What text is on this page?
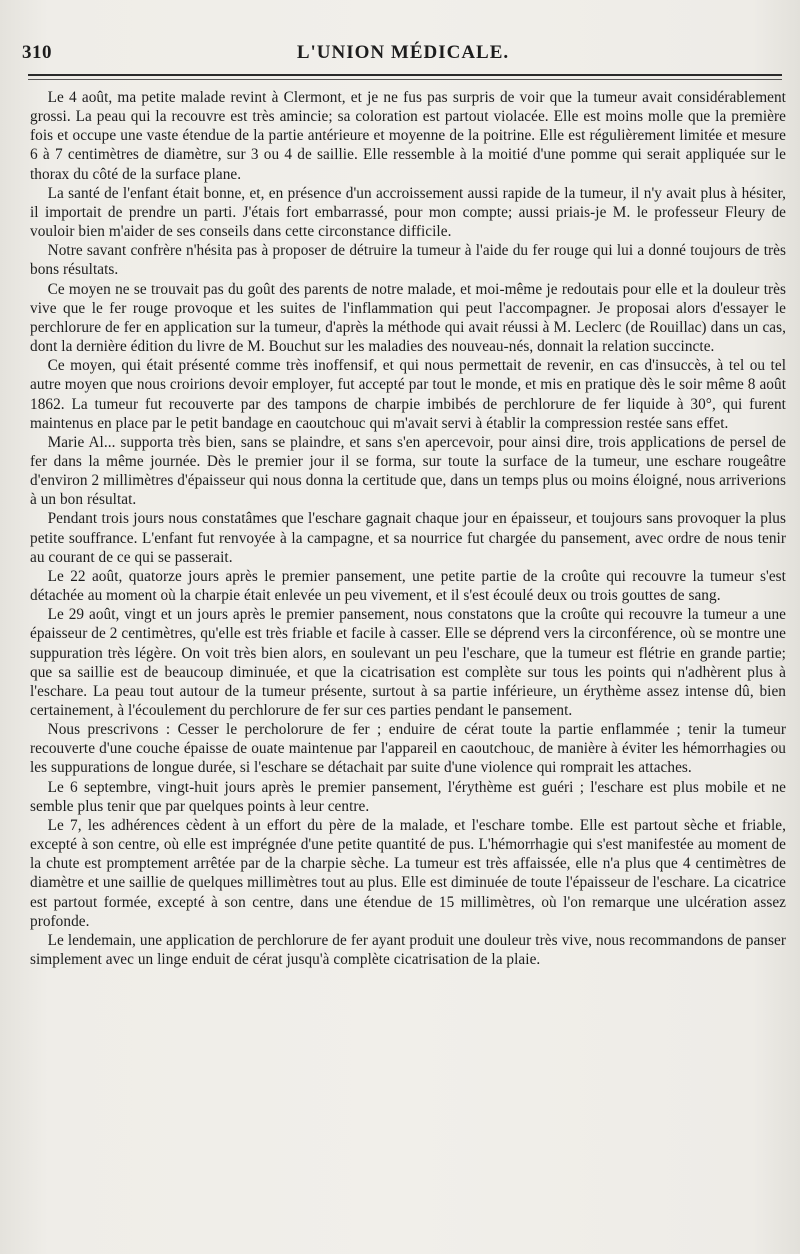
310	L'UNION MÉDICALE.

Le 4 août, ma petite malade revint à Clermont, et je ne fus pas surpris de voir que la tumeur avait considérablement grossi. La peau qui la recouvre est très amincie; sa coloration est partout violacée. Elle est moins molle que la première fois et occupe une vaste étendue de la partie antérieure et moyenne de la poitrine. Elle est régulièrement limitée et mesure 6 à 7 centimètres de diamètre, sur 3 ou 4 de saillie. Elle ressemble à la moitié d'une pomme qui serait appliquée sur le thorax du côté de la surface plane.

La santé de l'enfant était bonne, et, en présence d'un accroissement aussi rapide de la tumeur, il n'y avait plus à hésiter, il importait de prendre un parti. J'étais fort embarrassé, pour mon compte; aussi priais-je M. le professeur Fleury de vouloir bien m'aider de ses conseils dans cette circonstance difficile.

Notre savant confrère n'hésita pas à proposer de détruire la tumeur à l'aide du fer rouge qui lui a donné toujours de très bons résultats.

Ce moyen ne se trouvait pas du goût des parents de notre malade, et moi-même je redoutais pour elle et la douleur très vive que le fer rouge provoque et les suites de l'inflammation qui peut l'accompagner. Je proposai alors d'essayer le perchlorure de fer en application sur la tumeur, d'après la méthode qui avait réussi à M. Leclerc (de Rouillac) dans un cas, dont la dernière édition du livre de M. Bouchut sur les maladies des nouveau-nés, donnait la relation succincte.

Ce moyen, qui était présenté comme très inoffensif, et qui nous permettait de revenir, en cas d'insuccès, à tel ou tel autre moyen que nous croirions devoir employer, fut accepté par tout le monde, et mis en pratique dès le soir même 8 août 1862. La tumeur fut recouverte par des tampons de charpie imbibés de perchlorure de fer liquide à 30°, qui furent maintenus en place par le petit bandage en caoutchouc qui m'avait servi à établir la compression restée sans effet.

Marie Al... supporta très bien, sans se plaindre, et sans s'en apercevoir, pour ainsi dire, trois applications de persel de fer dans la même journée. Dès le premier jour il se forma, sur toute la surface de la tumeur, une eschare rougeâtre d'environ 2 millimètres d'épaisseur qui nous donna la certitude que, dans un temps plus ou moins éloigné, nous arriverions à un bon résultat.

Pendant trois jours nous constatâmes que l'eschare gagnait chaque jour en épaisseur, et toujours sans provoquer la plus petite souffrance. L'enfant fut renvoyée à la campagne, et sa nourrice fut chargée du pansement, avec ordre de nous tenir au courant de ce qui se passerait.

Le 22 août, quatorze jours après le premier pansement, une petite partie de la croûte qui recouvre la tumeur s'est détachée au moment où la charpie était enlevée un peu vivement, et il s'est écoulé deux ou trois gouttes de sang.

Le 29 août, vingt et un jours après le premier pansement, nous constatons que la croûte qui recouvre la tumeur a une épaisseur de 2 centimètres, qu'elle est très friable et facile à casser. Elle se déprend vers la circonférence, où se montre une suppuration très légère. On voit très bien alors, en soulevant un peu l'eschare, que la tumeur est flétrie en grande partie; que sa saillie est de beaucoup diminuée, et que la cicatrisation est complète sur tous les points qui n'adhèrent plus à l'eschare. La peau tout autour de la tumeur présente, surtout à sa partie inférieure, un érythème assez intense dû, bien certainement, à l'écoulement du perchlorure de fer sur ces parties pendant le pansement.

Nous prescrivons : Cesser le percholorure de fer ; enduire de cérat toute la partie enflammée ; tenir la tumeur recouverte d'une couche épaisse de ouate maintenue par l'appareil en caoutchouc, de manière à éviter les hémorrhagies ou les suppurations de longue durée, si l'eschare se détachait par suite d'une violence qui romprait les attaches.

Le 6 septembre, vingt-huit jours après le premier pansement, l'érythème est guéri ; l'eschare est plus mobile et ne semble plus tenir que par quelques points à leur centre.

Le 7, les adhérences cèdent à un effort du père de la malade, et l'eschare tombe. Elle est partout sèche et friable, excepté à son centre, où elle est imprégnée d'une petite quantité de pus. L'hémorrhagie qui s'est manifestée au moment de la chute est promptement arrêtée par de la charpie sèche. La tumeur est très affaissée, elle n'a plus que 4 centimètres de diamètre et une saillie de quelques millimètres tout au plus. Elle est diminuée de toute l'épaisseur de l'eschare. La cicatrice est partout formée, excepté à son centre, dans une étendue de 15 millimètres, où l'on remarque une ulcération assez profonde.

Le lendemain, une application de perchlorure de fer ayant produit une douleur très vive, nous recommandons de panser simplement avec un linge enduit de cérat jusqu'à complète cicatrisation de la plaie.
